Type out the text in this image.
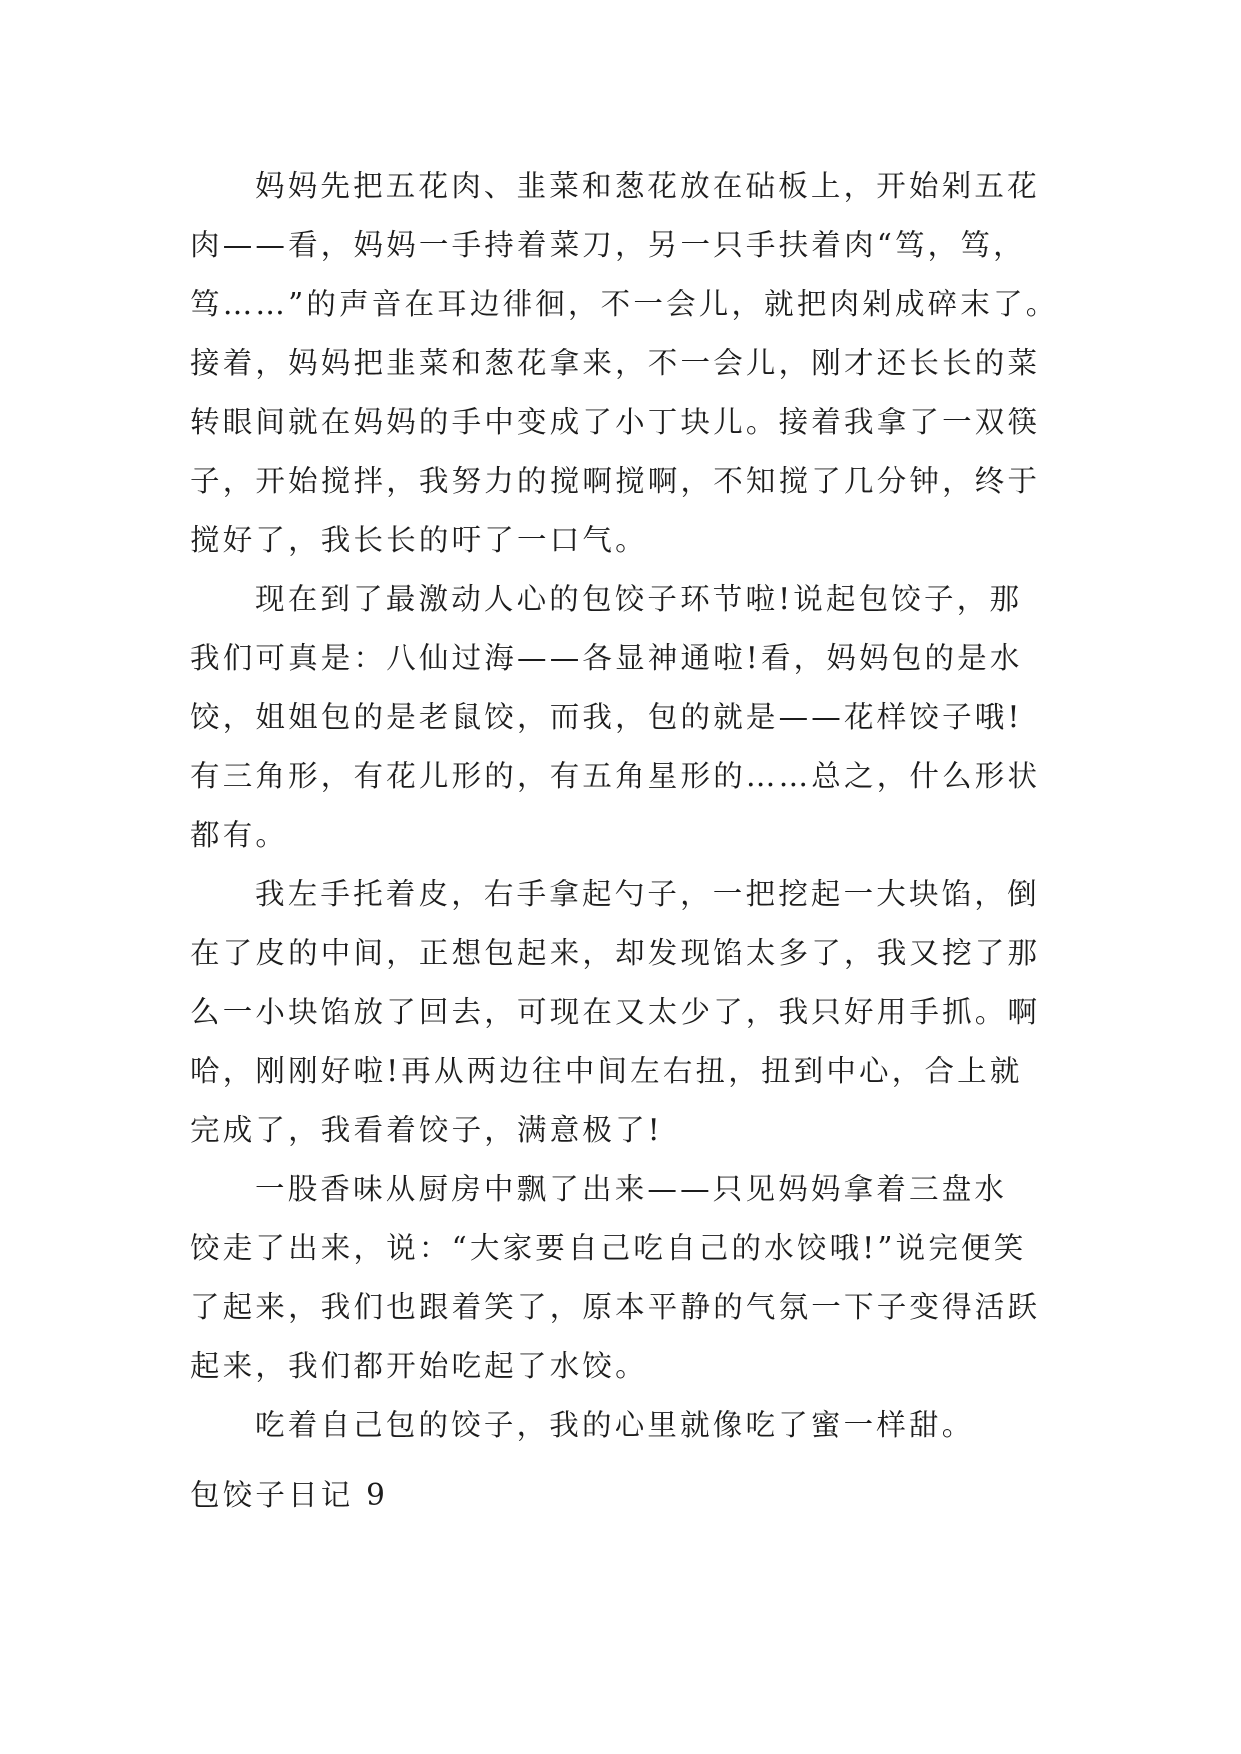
妈妈先把五花肉、韭菜和葱花放在砧板上，开始剁五花
肉——看，妈妈一手持着菜刀，另一只手扶着肉“笃，笃，
笃……”的声音在耳边徘徊，不一会儿，就把肉剁成碎末了。
接着，妈妈把韭菜和葱花拿来，不一会儿，刚才还长长的菜
转眼间就在妈妈的手中变成了小丁块儿。接着我拿了一双筷
子，开始搅拌，我努力的搅啊搅啊，不知搅了几分钟，终于
搅好了，我长长的吁了一口气。

现在到了最激动人心的包饺子环节啦!说起包饺子，那
我们可真是：八仙过海——各显神通啦!看，妈妈包的是水
饺，姐姐包的是老鼠饺，而我，包的就是——花样饺子哦!
有三角形，有花儿形的，有五角星形的……总之，什么形状
都有。

我左手托着皮，右手拿起勺子，一把挖起一大块馅，倒
在了皮的中间，正想包起来，却发现馅太多了，我又挖了那
么一小块馅放了回去，可现在又太少了，我只好用手抓。啊
哈，刚刚好啦!再从两边往中间左右扭，扭到中心，合上就
完成了，我看着饺子，满意极了!

一股香味从厨房中飘了出来——只见妈妈拿着三盘水
饺走了出来，说：“大家要自己吃自己的水饺哦!”说完便笑
了起来，我们也跟着笑了，原本平静的气氛一下子变得活跃
起来，我们都开始吃起了水饺。

吃着自己包的饺子，我的心里就像吃了蜜一样甜。

包饺子日记 9
